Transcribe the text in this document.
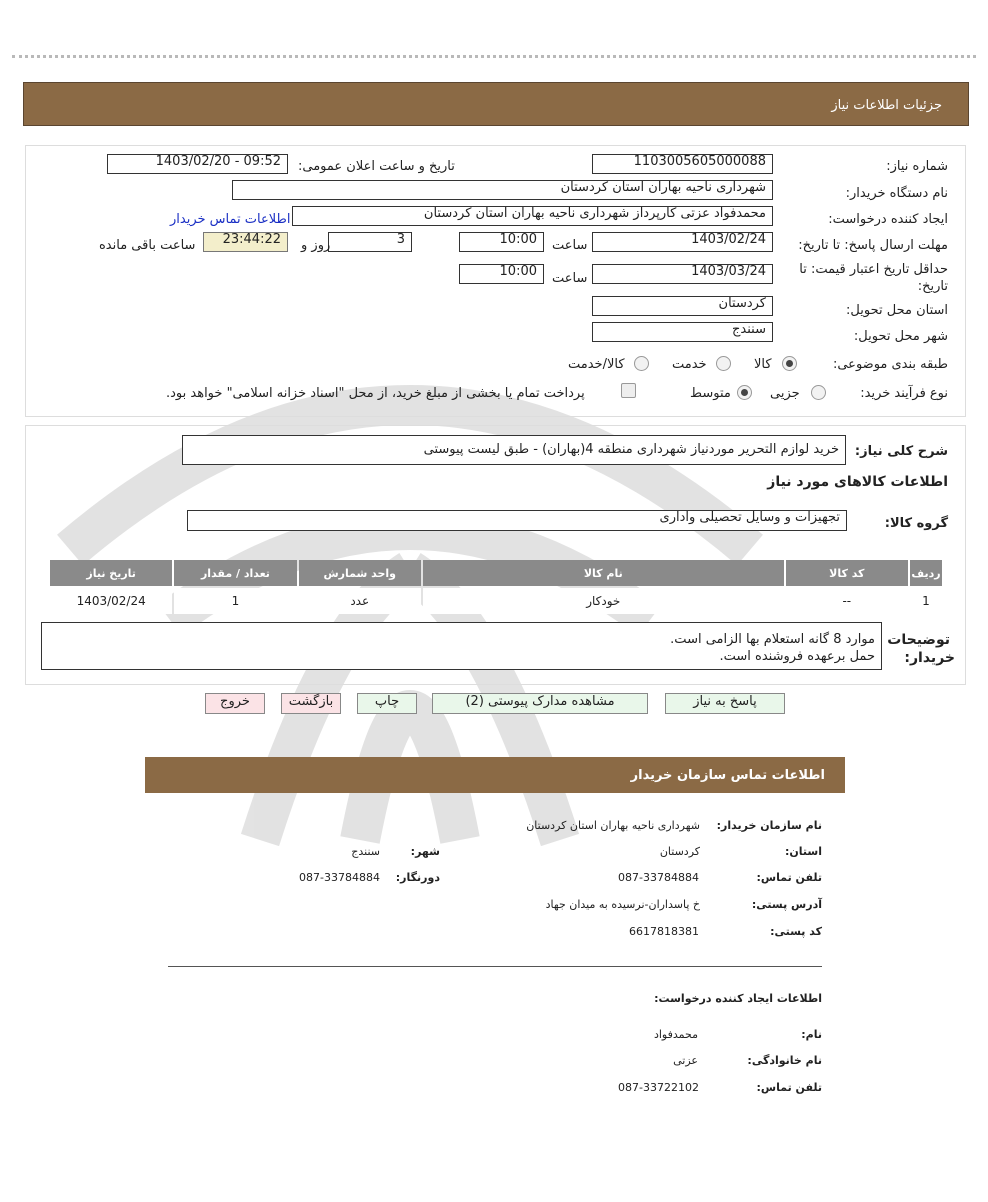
جزئيات اطلاعات نياز
شماره نیاز:
1103005605000088
تاریخ و ساعت اعلان عمومی:
1403/02/20 - 09:52
نام دستگاه خریدار:
شهرداری ناحیه بهاران استان کردستان
ایجاد کننده درخواست:
محمدفواد عزتی کارپرداز شهرداری ناحیه بهاران استان کردستان
اطلاعات تماس خریدار
مهلت ارسال پاسخ: تا تاریخ:
1403/02/24
ساعت
10:00
3
روز و
23:44:22
ساعت باقی مانده
حداقل تاریخ اعتبار قیمت: تا
تاریخ:
1403/03/24
ساعت
10:00
استان محل تحویل:
کردستان
شهر محل تحویل:
سنندج
طبقه بندی موضوعی:
کالا
خدمت
کالا/خدمت
نوع فرآیند خرید:
جزیی
متوسط
پرداخت تمام یا بخشی از مبلغ خرید، از محل "اسناد خزانه اسلامی" خواهد بود.
شرح کلی نیاز:
خرید لوازم التحریر موردنیاز شهرداری منطقه 4(بهاران) - طبق لیست پیوستی
اطلاعات کالاهای مورد نیاز
گروه کالا:
تجهیزات و وسایل تحصیلی واداری
ردیف	کد کالا	نام کالا	واحد شمارش	تعداد / مقدار	تاریخ نیاز
1	--	خودکار	عدد	1	1403/02/24
توضیحات
خریدار:
موارد 8 گانه استعلام بها الزامی است.
حمل برعهده فروشنده است.
پاسخ به نیاز
مشاهده مدارک پیوستی (2)
چاپ
بازگشت
خروج
اطلاعات تماس سازمان خریدار
نام سازمان خریدار:
شهرداری ناحیه بهاران استان کردستان
استان:
کردستان
شهر:
سنندج
تلفن تماس:
087-33784884
دورنگار:
087-33784884
آدرس پستی:
خ پاسداران-نرسیده به میدان جهاد
کد پستی:
6617818381
اطلاعات ایجاد کننده درخواست:
نام:
محمدفواد
نام خانوادگی:
عزتی
تلفن تماس:
087-33722102
